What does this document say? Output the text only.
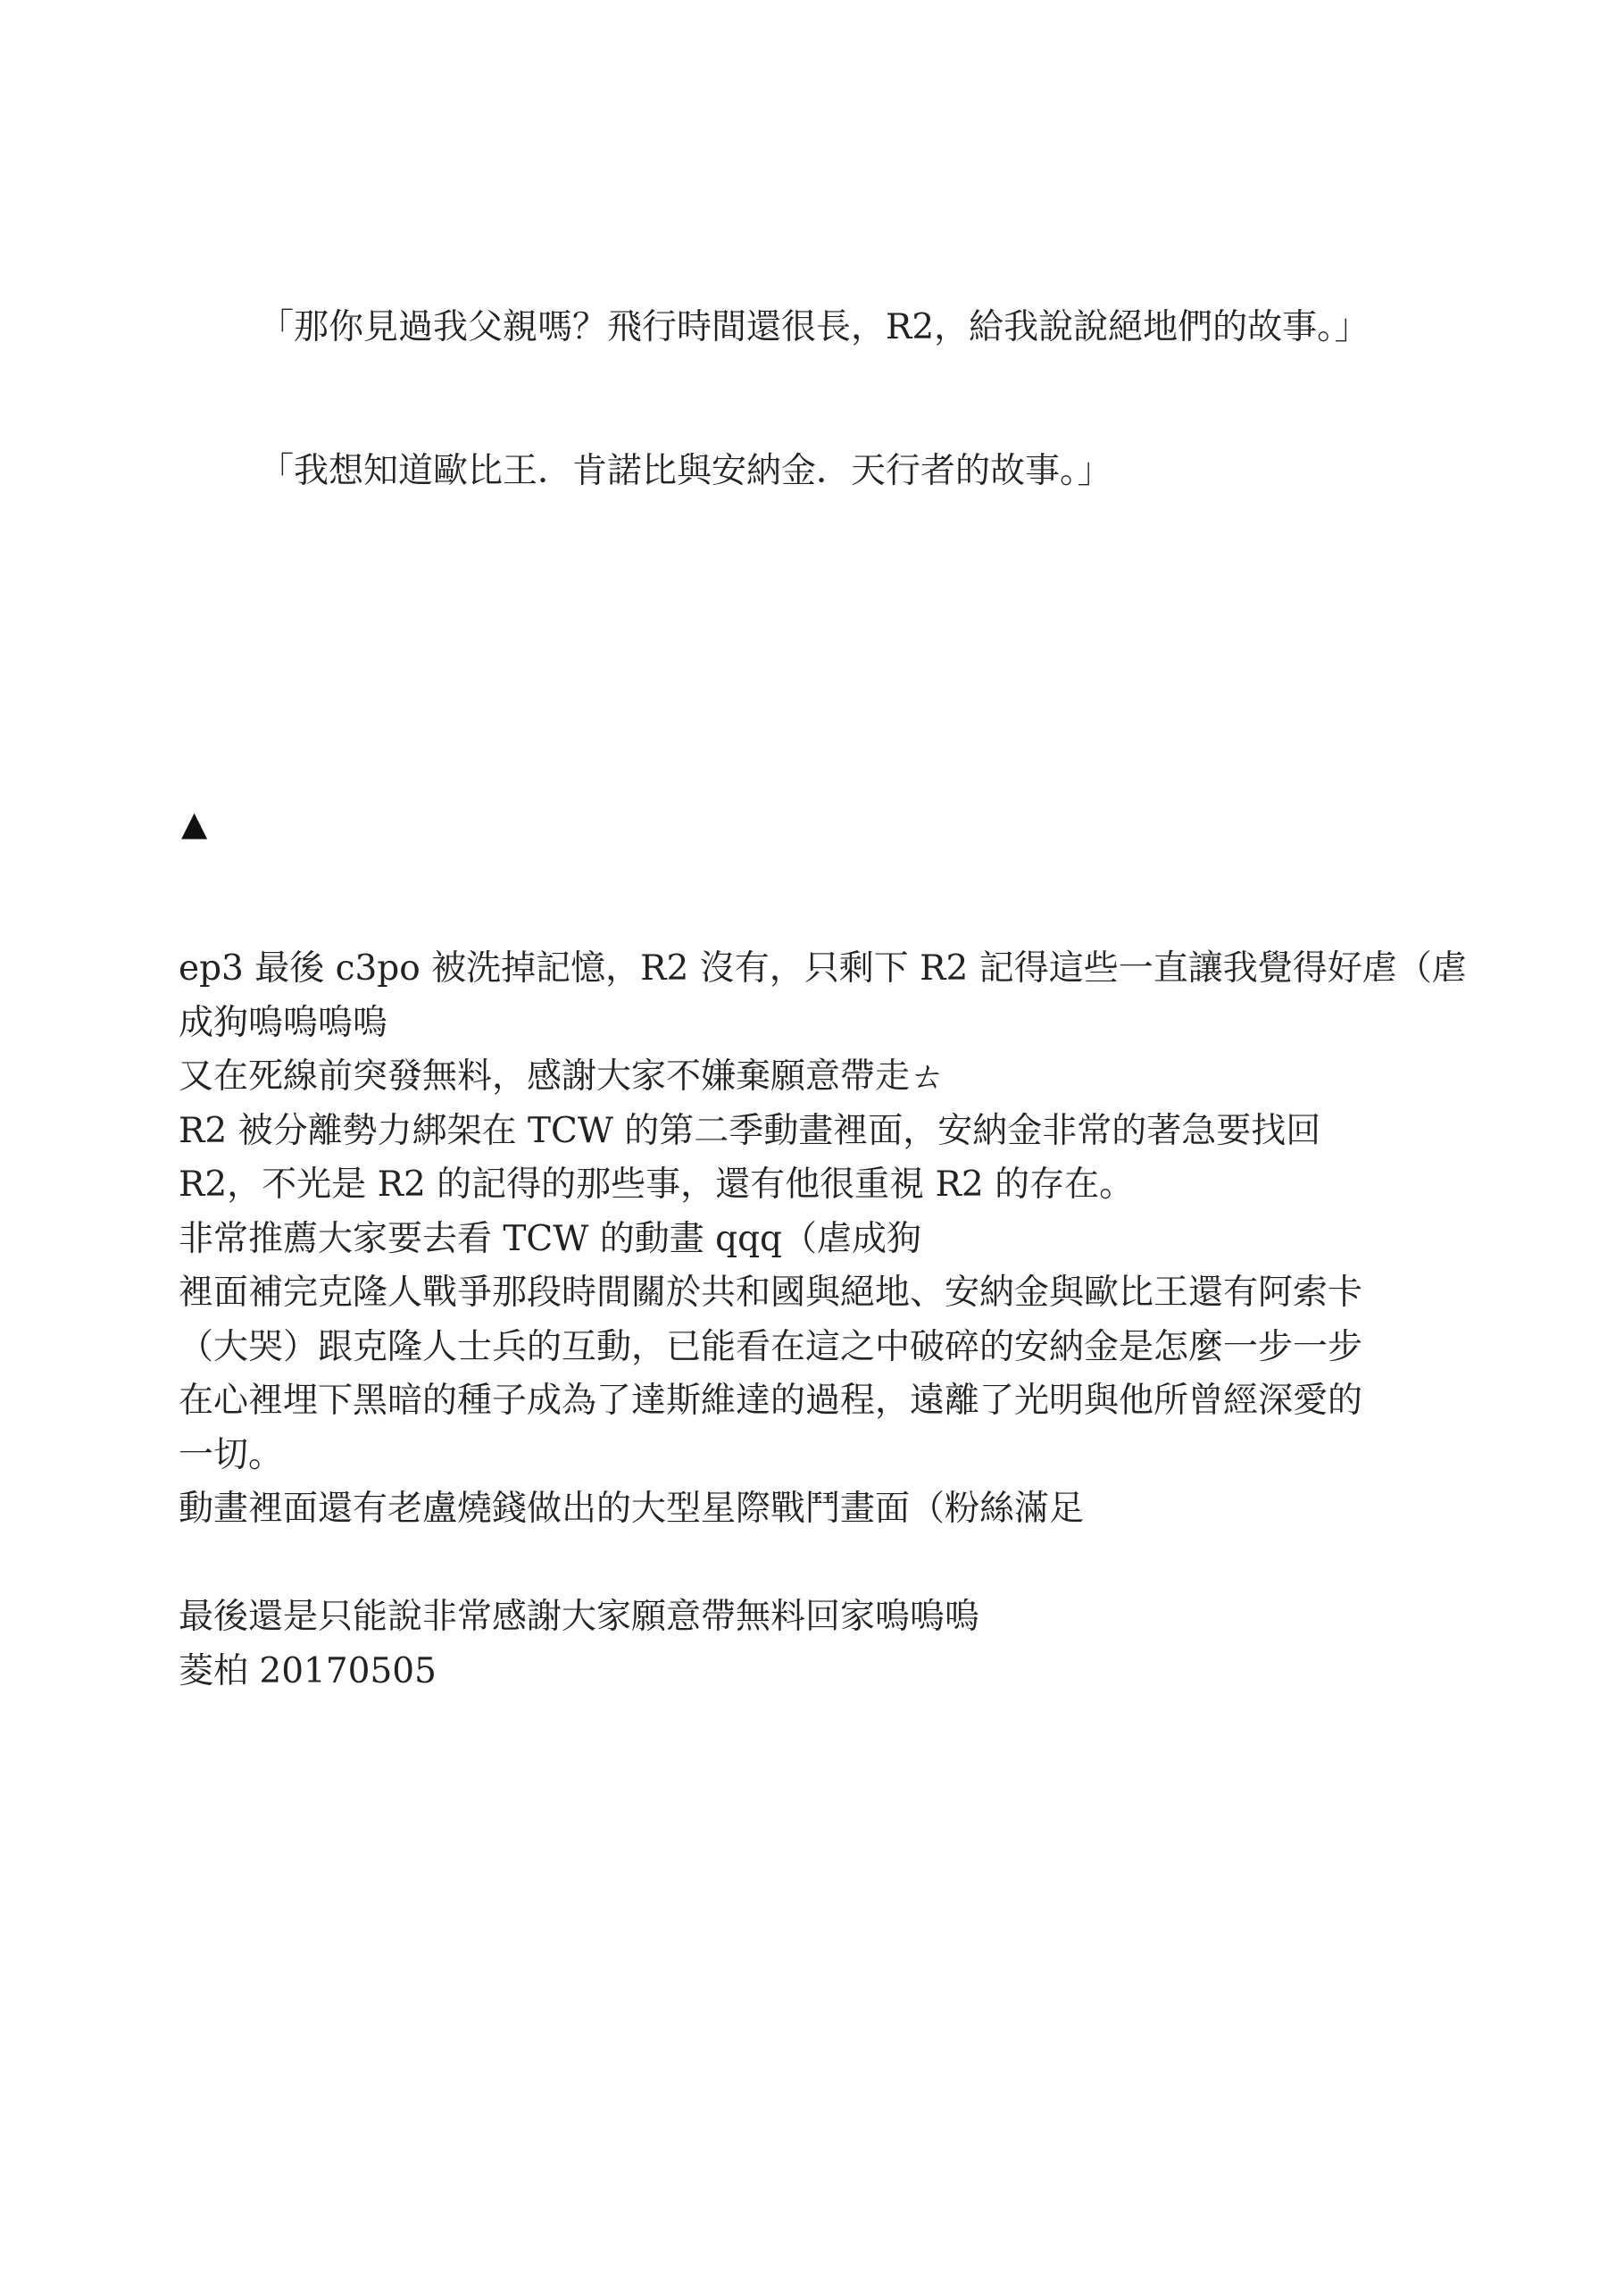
「那你見過我父親嗎？飛行時間還很長，R2，給我說說絕地們的故事。」
「我想知道歐比王．肯諾比與安納金．天行者的故事。」
▲

ep3 最後 c3po 被洗掉記憶，R2 沒有，只剩下 R2 記得這些一直讓我覺得好虐（虐

成狗嗚嗚嗚嗚

又在死線前突發無料，感謝大家不嫌棄願意帶走ㄊ

R2 被分離勢力綁架在 TCW 的第二季動畫裡面，安納金非常的著急要找回

R2，不光是 R2 的記得的那些事，還有他很重視 R2 的存在。

非常推薦大家要去看 TCW 的動畫 qqq（虐成狗

裡面補完克隆人戰爭那段時間關於共和國與絕地、安納金與歐比王還有阿索卡

（大哭）跟克隆人士兵的互動，已能看在這之中破碎的安納金是怎麼一步一步

在心裡埋下黑暗的種子成為了達斯維達的過程，遠離了光明與他所曾經深愛的

一切。

動畫裡面還有老盧燒錢做出的大型星際戰鬥畫面（粉絲滿足

最後還是只能說非常感謝大家願意帶無料回家嗚嗚嗚

菱柏 20170505
